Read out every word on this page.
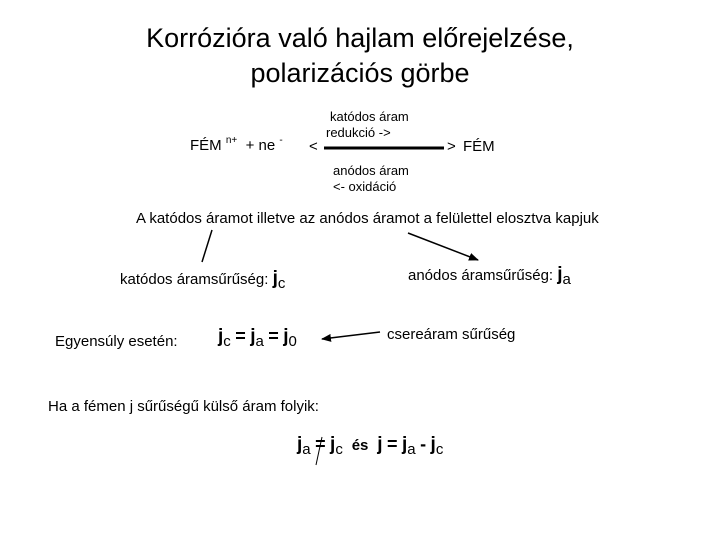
Korrózióra való hajlam előrejelzése,
polarizációs görbe
FÉM $^{n+}$ + ne - <	> FÉM
katódos áram
redukció ->
anódos áram
<- oxidáció
A katódos áramot illetve az anódos áramot a felülettel elosztva kapjuk
katódos áramsűrűség: jc	anódos áramsűrűség: ja
Egyensúly esetén: jc = ja = j0	csereáram sűrűség
Ha a fémen j sűrűségű külső áram folyik:
ja = jc és j = ja - jc
